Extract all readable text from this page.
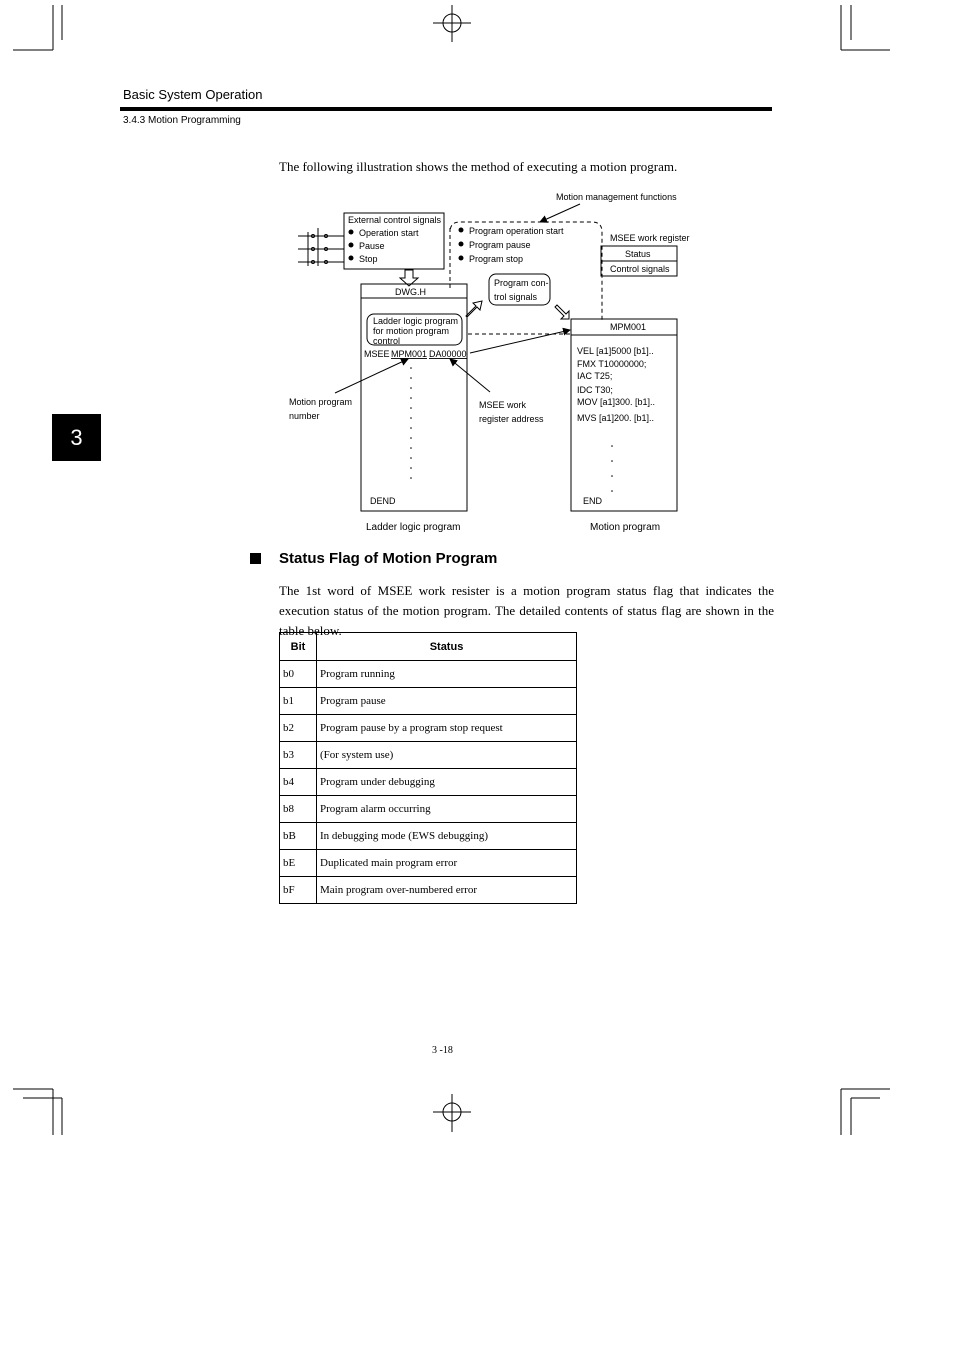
Basic System Operation
3.4.3 Motion Programming
3
The following illustration shows the method of executing a motion program.
Motion management functions
External control signals
Operation start
Pause
Stop
Program operation start
Program pause
Program stop
MSEE work register
Status
Control signals
Program con-
trol signals
DWG.H
Ladder logic program
for motion program
control
MSEE MPM001 DA00000
DEND
Ladder logic program
MPM001
VEL [a1]5000 [b1]..
FMX T10000000;
IAC T25;
IDC T30;
MOV [a1]300. [b1]..
MVS [a1]200. [b1]..
END
Motion program
Motion program
number
MSEE work
register address
Status Flag of Motion Program
The 1st word of MSEE work resister is a motion program status flag that indicates the execution status of the motion program. The detailed contents of status flag are shown in the table below.
Bit	Status
b0	Program running
b1	Program pause
b2	Program pause by a program stop request
b3	(For system use)
b4	Program under debugging
b8	Program alarm occurring
bB	In debugging mode (EWS debugging)
bE	Duplicated main program error
bF	Main program over-numbered error
3 -18
